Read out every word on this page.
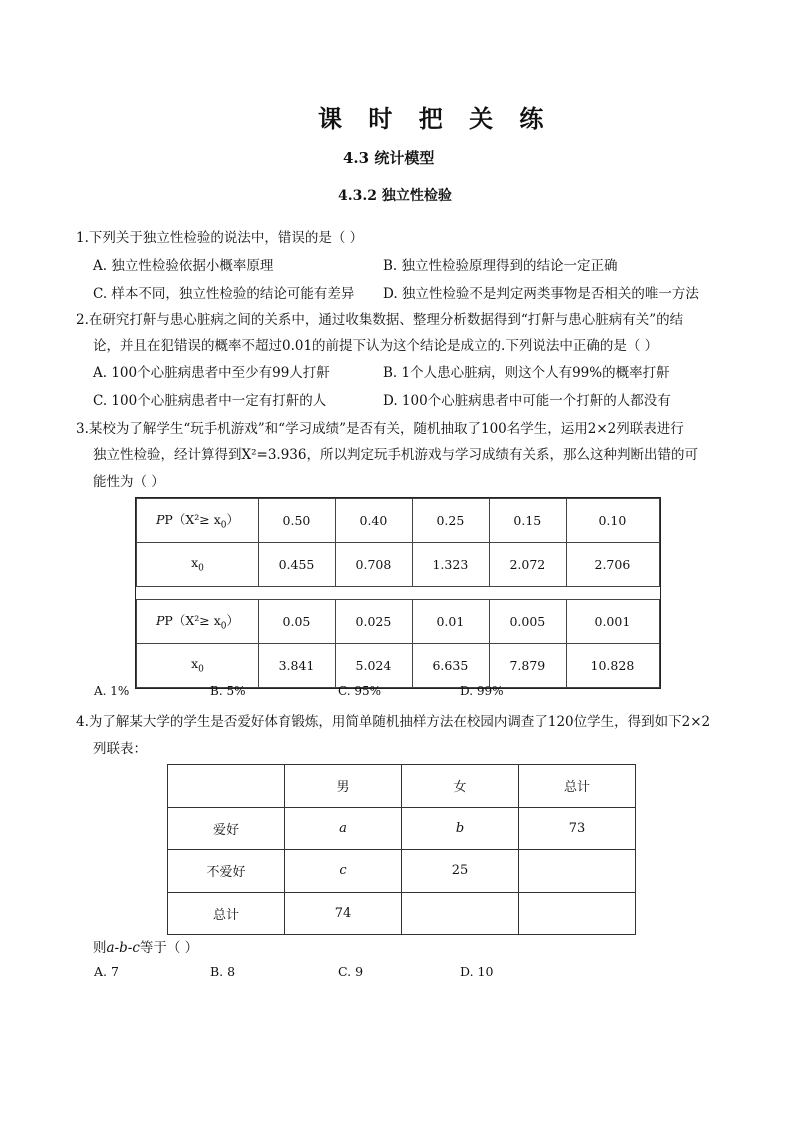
课 时 把 关 练
4.3 统计模型
4.3.2 独立性检验
1.下列关于独立性检验的说法中，错误的是（ ）
A. 独立性检验依据小概率原理	B. 独立性检验原理得到的结论一定正确
C. 样本不同，独立性检验的结论可能有差异 D. 独立性检验不是判定两类事物是否相关的唯一方法
2.在研究打鼾与患心脏病之间的关系中，通过收集数据、整理分析数据得到“打鼾与患心脏病有关”的结
论，并且在犯错误的概率不超过0.01的前提下认为这个结论是成立的.下列说法中正确的是（ ）
A. 100个心脏病患者中至少有99人打鼾	B. 1个人患心脏病，则这个人有99%的概率打鼾
C. 100个心脏病患者中一定有打鼾的人	D. 100个心脏病患者中可能一个打鼾的人都没有
3.某校为了解学生“玩手机游戏”和“学习成绩”是否有关，随机抽取了100名学生，运用2×2列联表进行
独立性检验，经计算得到Χ²=3.936，所以判定玩手机游戏与学习成绩有关系，那么这种判断出错的可
能性为（ ）
$PP(X^2\ge x_0)$	0.50	0.40	0.25	0.15	0.10
$x_0$	0.455	0.708	1.323	2.072	2.706

$PP(X^2\ge x_0)$	0.05	0.025	0.01	0.005	0.001
$x_0$	3.841	5.024	6.635	7.879	10.828
A. 1%	B. 5%	C. 95%	D. 99%
4.为了解某大学的学生是否爱好体育锻炼，用简单随机抽样方法在校园内调查了120位学生，得到如下2×2
列联表：
	男	女	总计
爱好	a	b	73
不爱好	c	25	
总计	74		
则a-b-c等于（ ）
A. 7	B. 8	C. 9	D. 10
